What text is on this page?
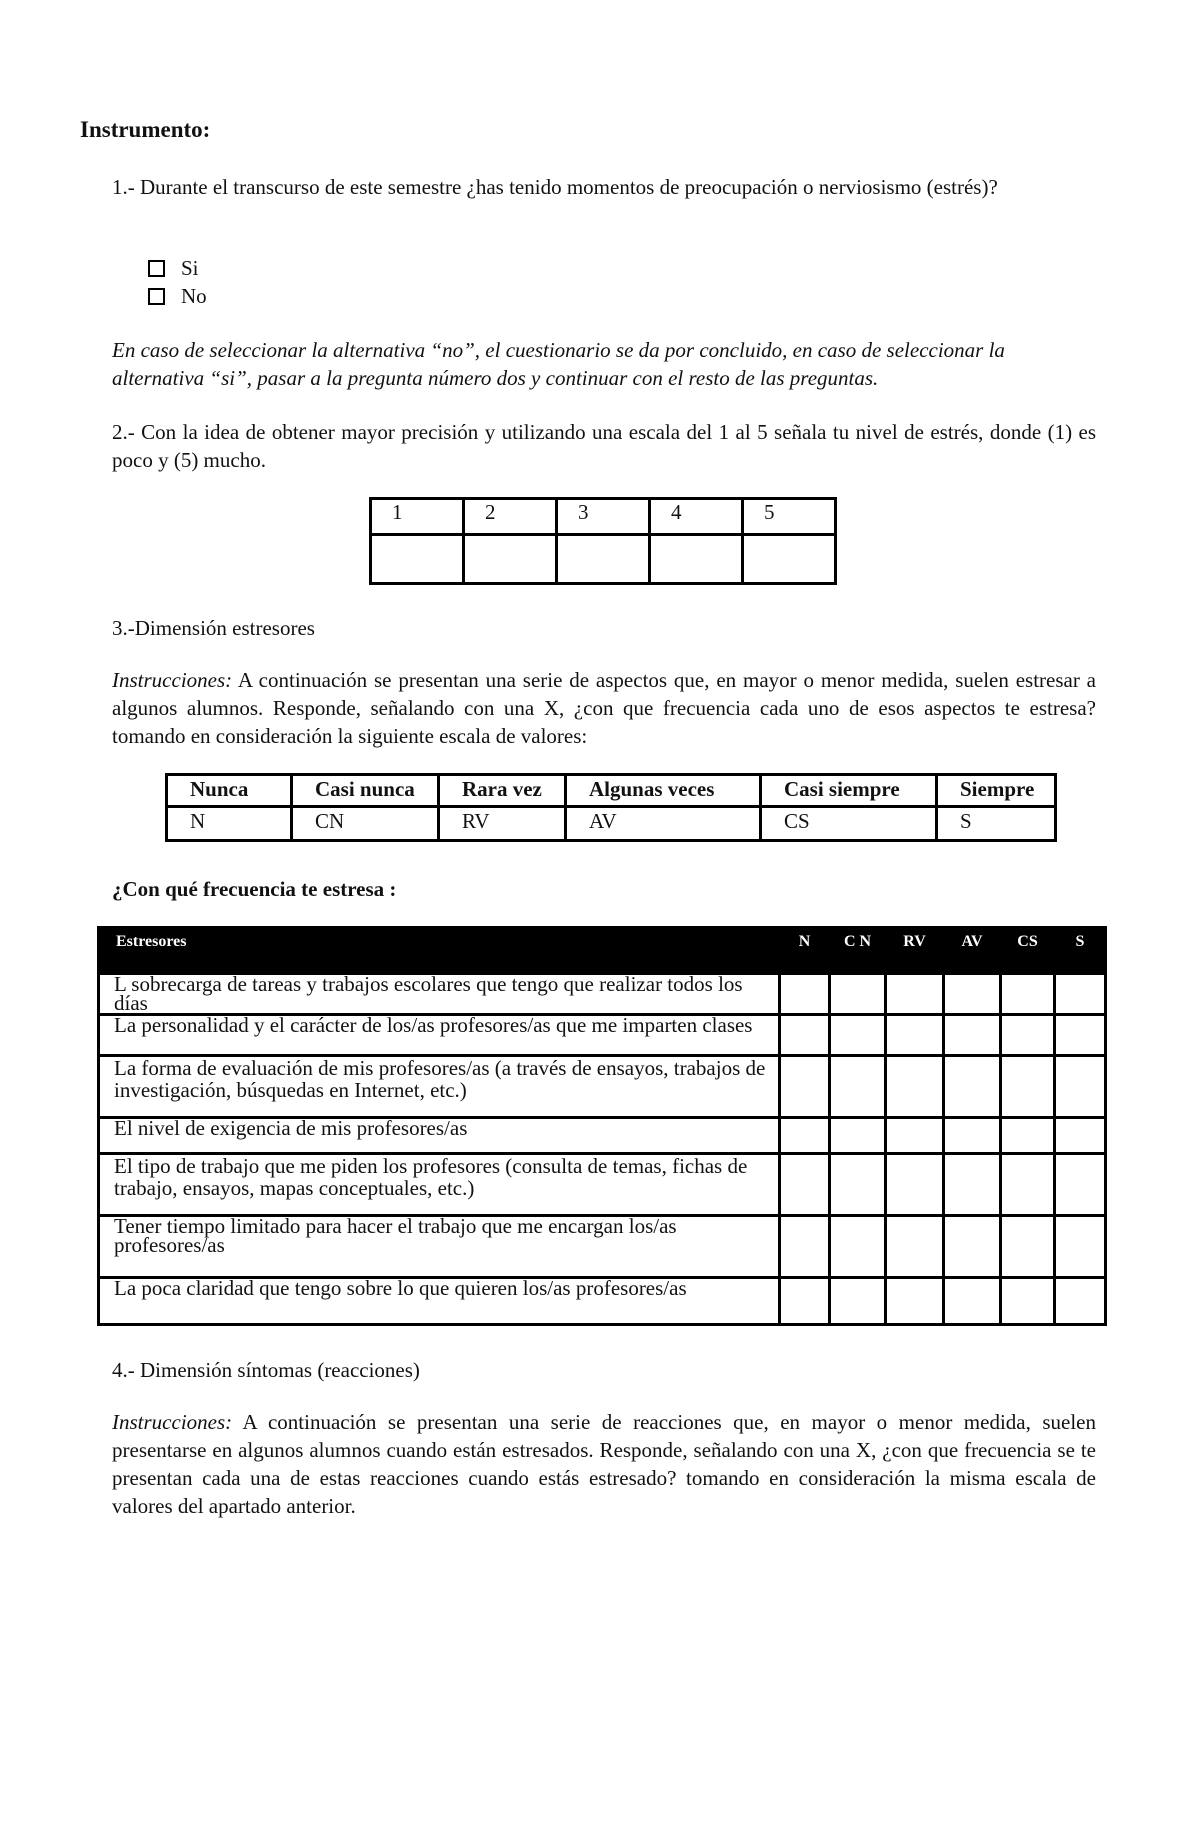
Instrumento:
1.- Durante el transcurso de este semestre ¿has tenido momentos de preocupación o nerviosismo (estrés)?
Si
No
En caso de seleccionar la alternativa “no”, el cuestionario se da por concluido, en caso de seleccionar la alternativa “si”, pasar a la pregunta número dos y continuar con el resto de las preguntas.
2.- Con la idea de obtener mayor precisión y utilizando una escala del 1 al 5 señala tu nivel de estrés, donde (1) es poco y (5) mucho.
1	2	3	4	5

3.-Dimensión estresores
Instrucciones: A continuación se presentan una serie de aspectos que, en mayor o menor medida, suelen estresar a algunos alumnos. Responde, señalando con una X, ¿con que frecuencia cada uno de esos aspectos te estresa? tomando en consideración la siguiente escala de valores:
Nunca	Casi nunca	Rara vez	Algunas veces	Casi siempre	Siempre
N	CN	RV	AV	CS	S
¿Con qué frecuencia te estresa :
Estresores	N	C N	RV	AV	CS	S
L sobrecarga de tareas y trabajos escolares que tengo que realizar todos los días						
La personalidad y el carácter de los/as profesores/as que me imparten clases						
La forma de evaluación de mis profesores/as (a través de ensayos, trabajos de investigación, búsquedas en Internet, etc.)						
El nivel de exigencia de mis profesores/as						
El tipo de trabajo que me piden los profesores (consulta de temas, fichas de trabajo, ensayos, mapas conceptuales, etc.)						
Tener tiempo limitado para hacer el trabajo que me encargan los/as profesores/as						
La poca claridad que tengo sobre lo que quieren los/as profesores/as						
4.- Dimensión síntomas (reacciones)
Instrucciones: A continuación se presentan una serie de reacciones que, en mayor o menor medida, suelen presentarse en algunos alumnos cuando están estresados. Responde, señalando con una X, ¿con que frecuencia se te presentan cada una de estas reacciones cuando estás estresado? tomando en consideración la misma escala de valores del apartado anterior.
